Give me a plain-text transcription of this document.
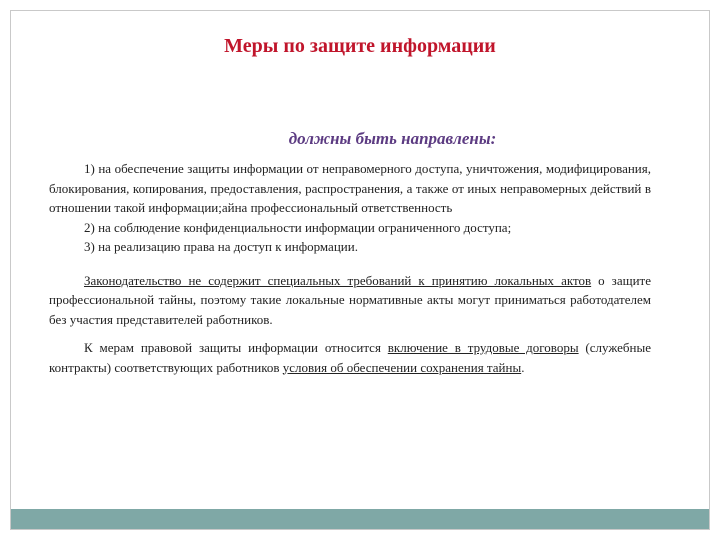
Меры по защите информации
должны быть направлены:

1) на обеспечение защиты информации от неправомерного доступа, уничтожения, модифицирования, блокирования, копирования, предоставления, распространения, а также от иных неправомерных действий в отношении такой информации;айна профессиональный ответственность

2) на соблюдение конфиденциальности информации ограниченного доступа;

3) на реализацию права на доступ к информации.

Законодательство не содержит специальных требований к принятию локальных актов о защите профессиональной тайны, поэтому такие локальные нормативные акты могут приниматься работодателем без участия представителей работников.

К мерам правовой защиты информации относится включение в трудовые договоры (служебные контракты) соответствующих работников условия об обеспечении сохранения тайны.
